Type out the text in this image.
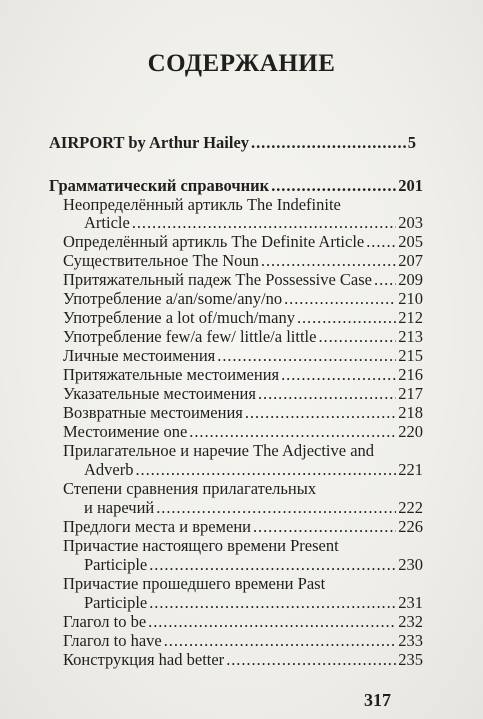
СОДЕРЖАНИЕ
AIRPORT by Arthur Hailey . . .	5
Грамматический справочник . . .	201
Неопределённый артикль The Indefinite
Article . . .	203
Определённый артикль The Definite Article . . . 205
Существительное The Noun . . .	207
Притяжательный падеж The Possessive Case . . . 209
Употребление a/an/some/any/no . . .	210
Употребление a lot of/much/many . . .	212
Употребление few/a few/ little/a little . . .	213
Личные местоимения . . .	215
Притяжательные местоимения . . .	216
Указательные местоимения . . .	217
Возвратные местоимения . . .	218
Местоимение one . . .	220
Прилагательное и наречие The Adjective and
Adverb . . .	221
Степени сравнения прилагательных
и наречий . . .	222
Предлоги места и времени . . .	226
Причастие настоящего времени Present
Participle . . .	230
Причастие прошедшего времени Past
Participle . . .	231
Глагол to be . . .	232
Глагол to have . . .	233
Конструкция had better . . .	235
317
